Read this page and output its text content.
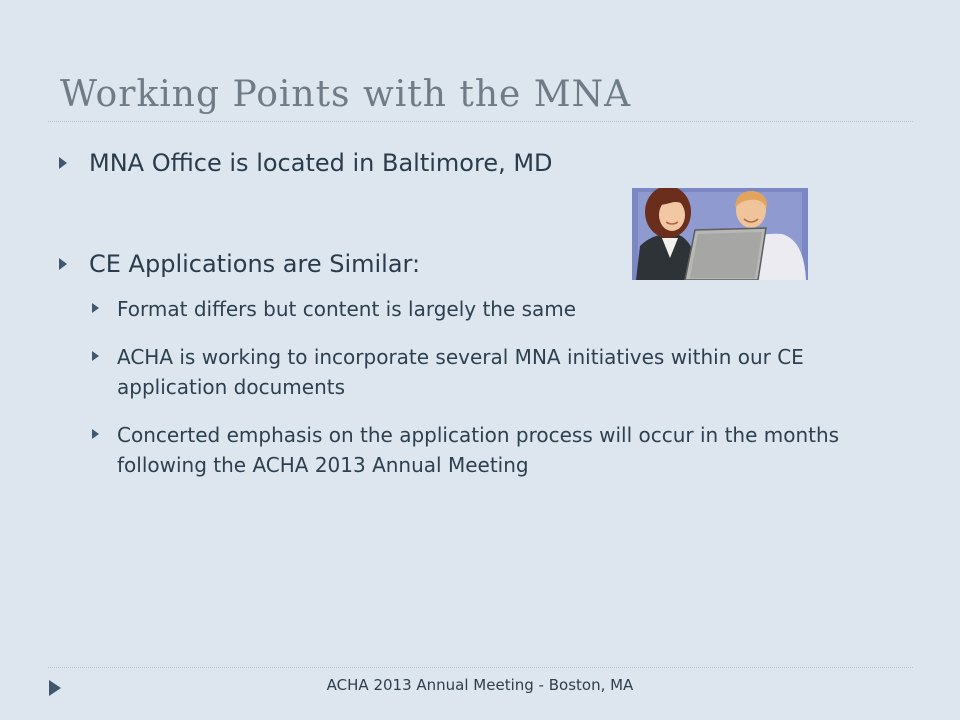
Working Points with the MNA
MNA Office is located in Baltimore, MD
CE Applications are Similar:
Format differs but content is largely the same
ACHA is working to incorporate several MNA initiatives within our CE application documents
Concerted emphasis on the application process will occur in the months following the ACHA 2013 Annual Meeting
ACHA 2013 Annual Meeting - Boston, MA
